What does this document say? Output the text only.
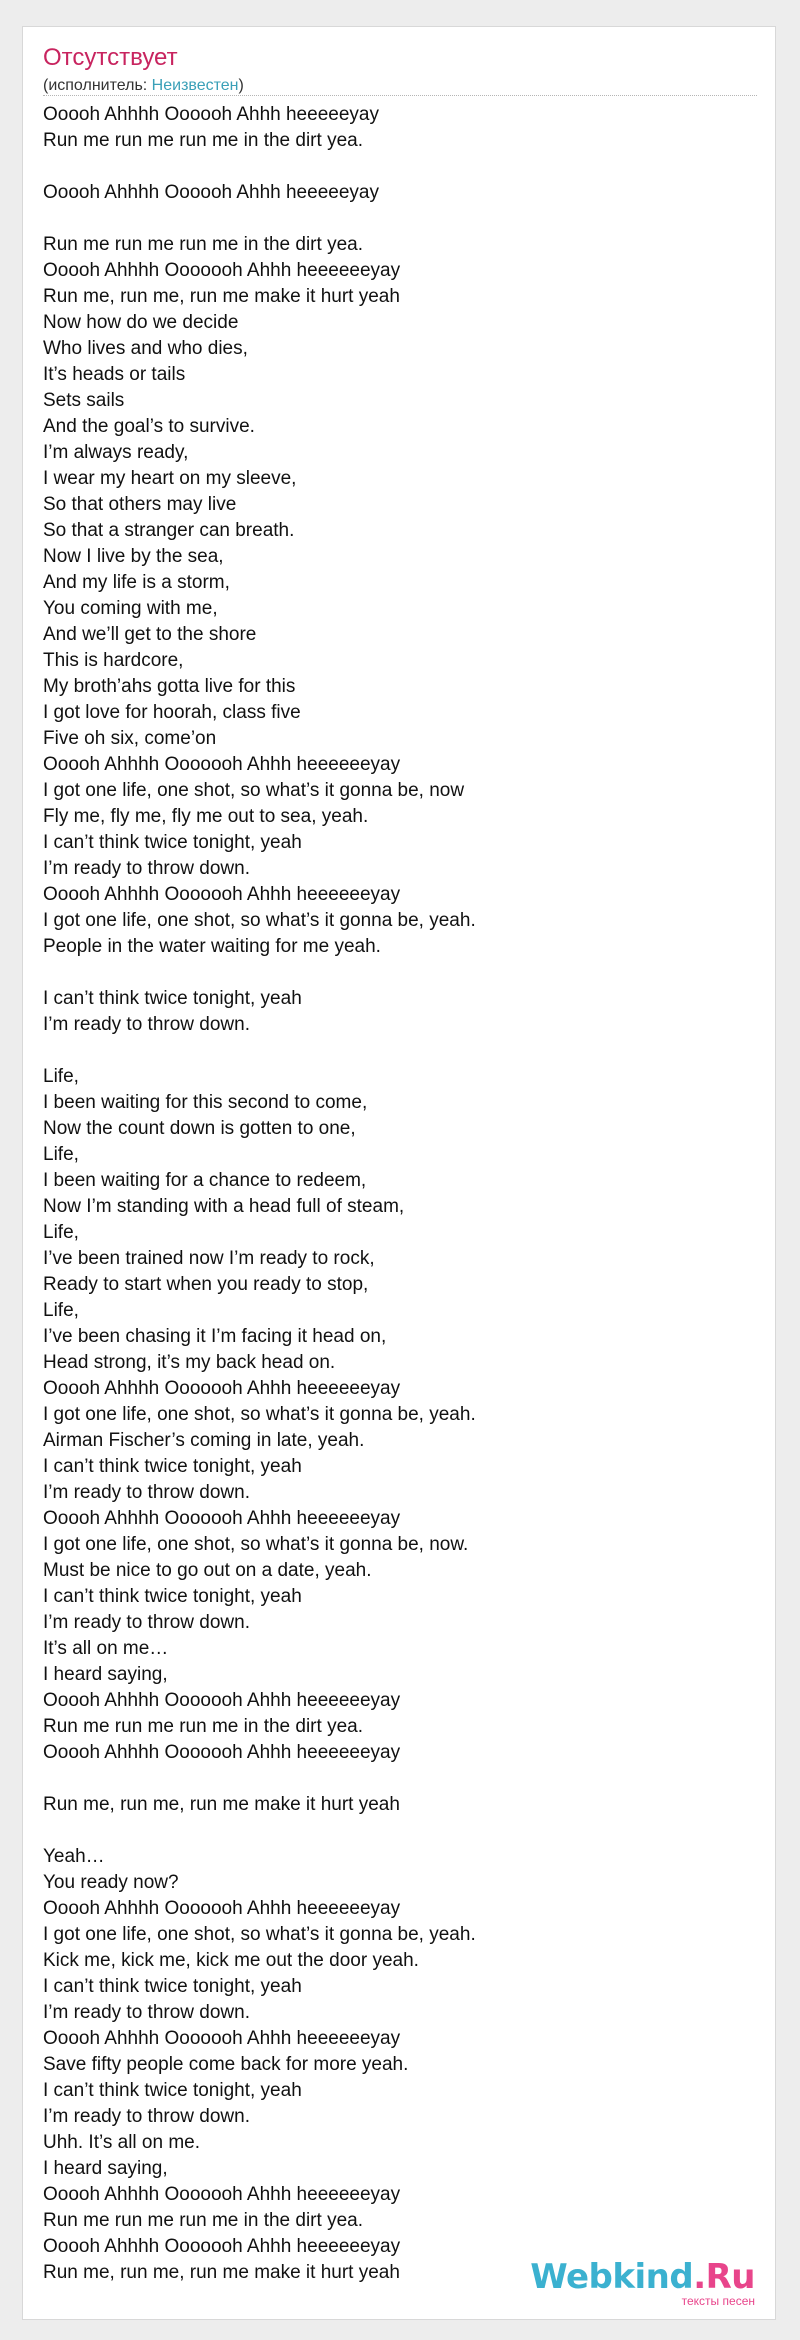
Отсутствует
(исполнитель: Неизвестен)
Ooooh Ahhhh Oooooh Ahhh heeeeeyay
Run me run me run me in the dirt yea.
Ooooh Ahhhh Oooooh Ahhh heeeeeyay
Run me run me run me in the dirt yea.
Ooooh Ahhhh Ooooooh Ahhh heeeeeeyay
Run me, run me, run me make it hurt yeah
Now how do we decide
Who lives and who dies,
It’s heads or tails
Sets sails
And the goal’s to survive.
I’m always ready,
I wear my heart on my sleeve,
So that others may live
So that a stranger can breath.
Now I live by the sea,
And my life is a storm,
You coming with me,
And we’ll get to the shore
This is hardcore,
My broth’ahs gotta live for this
I got love for hoorah, class five
Five oh six, come’on
Ooooh Ahhhh Ooooooh Ahhh heeeeeeyay
I got one life, one shot, so what’s it gonna be, now
Fly me, fly me, fly me out to sea, yeah.
I can’t think twice tonight, yeah
I’m ready to throw down.
Ooooh Ahhhh Ooooooh Ahhh heeeeeeyay
I got one life, one shot, so what’s it gonna be, yeah.
People in the water waiting for me yeah.
I can’t think twice tonight, yeah
I’m ready to throw down.
Life,
I been waiting for this second to come,
Now the count down is gotten to one,
Life,
I been waiting for a chance to redeem,
Now I’m standing with a head full of steam,
Life,
I’ve been trained now I’m ready to rock,
Ready to start when you ready to stop,
Life,
I’ve been chasing it I’m facing it head on,
Head strong, it’s my back head on.
Ooooh Ahhhh Ooooooh Ahhh heeeeeeyay
I got one life, one shot, so what’s it gonna be, yeah.
Airman Fischer’s coming in late, yeah.
I can’t think twice tonight, yeah
I’m ready to throw down.
Ooooh Ahhhh Ooooooh Ahhh heeeeeeyay
I got one life, one shot, so what’s it gonna be, now.
Must be nice to go out on a date, yeah.
I can’t think twice tonight, yeah
I’m ready to throw down.
It’s all on me…
I heard saying,
Ooooh Ahhhh Ooooooh Ahhh heeeeeeyay
Run me run me run me in the dirt yea.
Ooooh Ahhhh Ooooooh Ahhh heeeeeeyay
Run me, run me, run me make it hurt yeah
Yeah…
You ready now?
Ooooh Ahhhh Ooooooh Ahhh heeeeeeyay
I got one life, one shot, so what’s it gonna be, yeah.
Kick me, kick me, kick me out the door yeah.
I can’t think twice tonight, yeah
I’m ready to throw down.
Ooooh Ahhhh Ooooooh Ahhh heeeeeeyay
Save fifty people come back for more yeah.
I can’t think twice tonight, yeah
I’m ready to throw down.
Uhh. It’s all on me.
I heard saying,
Ooooh Ahhhh Ooooooh Ahhh heeeeeeyay
Run me run me run me in the dirt yea.
Ooooh Ahhhh Ooooooh Ahhh heeeeeeyay
Run me, run me, run me make it hurt yeah	Webkind.Ru
тексты песен
